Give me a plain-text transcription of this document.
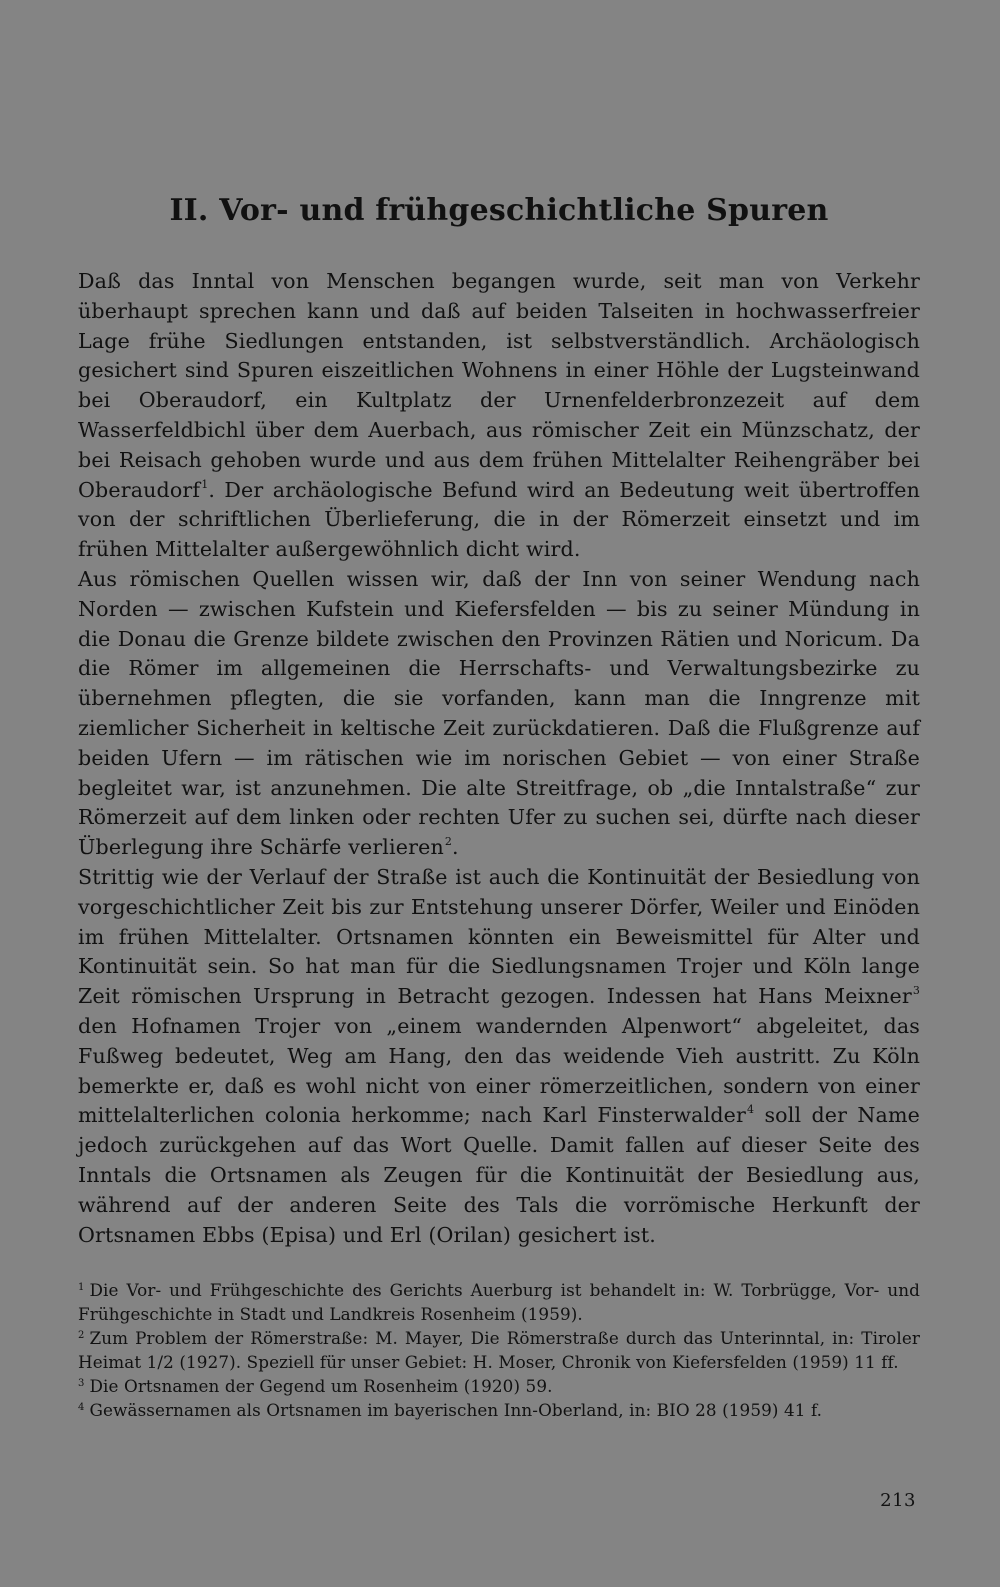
II. Vor- und frühgeschichtliche Spuren

Daß das Inntal von Menschen begangen wurde, seit man von Verkehr überhaupt sprechen kann und daß auf beiden Talseiten in hochwasserfreier Lage frühe Siedlungen entstanden, ist selbstverständlich. Archäologisch gesichert sind Spuren eiszeitlichen Wohnens in einer Höhle der Lugsteinwand bei Oberaudorf, ein Kultplatz der Urnenfelderbronzezeit auf dem Wasserfeldbichl über dem Auerbach, aus römischer Zeit ein Münzschatz, der bei Reisach gehoben wurde und aus dem frühen Mittelalter Reihengräber bei Oberaudorf$^1$. Der archäologische Befund wird an Bedeutung weit übertroffen von der schriftlichen Überlieferung, die in der Römerzeit einsetzt und im frühen Mittelalter außergewöhnlich dicht wird.

Aus römischen Quellen wissen wir, daß der Inn von seiner Wendung nach Norden — zwischen Kufstein und Kiefersfelden — bis zu seiner Mündung in die Donau die Grenze bildete zwischen den Provinzen Rätien und Noricum. Da die Römer im allgemeinen die Herrschafts- und Verwaltungsbezirke zu übernehmen pflegten, die sie vorfanden, kann man die Inngrenze mit ziemlicher Sicherheit in keltische Zeit zurückdatieren. Daß die Flußgrenze auf beiden Ufern — im rätischen wie im norischen Gebiet — von einer Straße begleitet war, ist anzunehmen. Die alte Streitfrage, ob „die Inntalstraße“ zur Römerzeit auf dem linken oder rechten Ufer zu suchen sei, dürfte nach dieser Überlegung ihre Schärfe verlieren$^2$.

Strittig wie der Verlauf der Straße ist auch die Kontinuität der Besiedlung von vorgeschichtlicher Zeit bis zur Entstehung unserer Dörfer, Weiler und Einöden im frühen Mittelalter. Ortsnamen könnten ein Beweismittel für Alter und Kontinuität sein. So hat man für die Siedlungsnamen Trojer und Köln lange Zeit römischen Ursprung in Betracht gezogen. Indessen hat Hans Meixner$^3$ den Hofnamen Trojer von „einem wandernden Alpenwort“ abgeleitet, das Fußweg bedeutet, Weg am Hang, den das weidende Vieh austritt. Zu Köln bemerkte er, daß es wohl nicht von einer römerzeitlichen, sondern von einer mittelalterlichen colonia herkomme; nach Karl Finsterwalder$^4$ soll der Name jedoch zurückgehen auf das Wort Quelle. Damit fallen auf dieser Seite des Inntals die Ortsnamen als Zeugen für die Kontinuität der Besiedlung aus, während auf der anderen Seite des Tals die vorrömische Herkunft der Ortsnamen Ebbs (Episa) und Erl (Orilan) gesichert ist.

$^1$ Die Vor- und Frühgeschichte des Gerichts Auerburg ist behandelt in: W. Torbrügge, Vor- und Frühgeschichte in Stadt und Landkreis Rosenheim (1959).

$^2$ Zum Problem der Römerstraße: M. Mayer, Die Römerstraße durch das Unterinntal, in: Tiroler Heimat 1/2 (1927). Speziell für unser Gebiet: H. Moser, Chronik von Kiefersfelden (1959) 11 ff.

$^3$ Die Ortsnamen der Gegend um Rosenheim (1920) 59.

$^4$ Gewässernamen als Ortsnamen im bayerischen Inn-Oberland, in: BIO 28 (1959) 41 f.

213
